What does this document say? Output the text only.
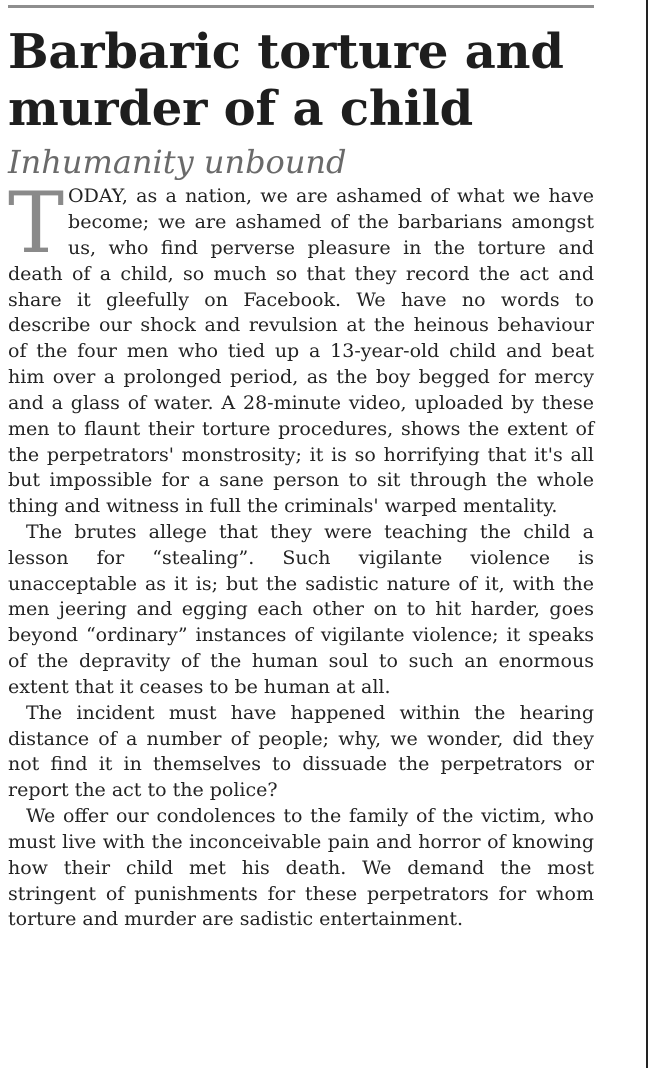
Barbaric torture and murder of a child
Inhumanity unbound

TODAY, as a nation, we are ashamed of what we have become; we are ashamed of the barbarians amongst us, who find perverse pleasure in the torture and death of a child, so much so that they record the act and share it gleefully on Facebook. We have no words to describe our shock and revulsion at the heinous behaviour of the four men who tied up a 13-year-old child and beat him over a prolonged period, as the boy begged for mercy and a glass of water. A 28-minute video, uploaded by these men to flaunt their torture procedures, shows the extent of the perpetrators' monstrosity; it is so horrifying that it's all but impossible for a sane person to sit through the whole thing and witness in full the criminals' warped mentality.

The brutes allege that they were teaching the child a lesson for “stealing”. Such vigilante violence is unacceptable as it is; but the sadistic nature of it, with the men jeering and egging each other on to hit harder, goes beyond “ordinary” instances of vigilante violence; it speaks of the depravity of the human soul to such an enormous extent that it ceases to be human at all.

The incident must have happened within the hearing distance of a number of people; why, we wonder, did they not find it in themselves to dissuade the perpetrators or report the act to the police?

We offer our condolences to the family of the victim, who must live with the inconceivable pain and horror of knowing how their child met his death. We demand the most stringent of punishments for these perpetrators for whom torture and murder are sadistic entertainment.
